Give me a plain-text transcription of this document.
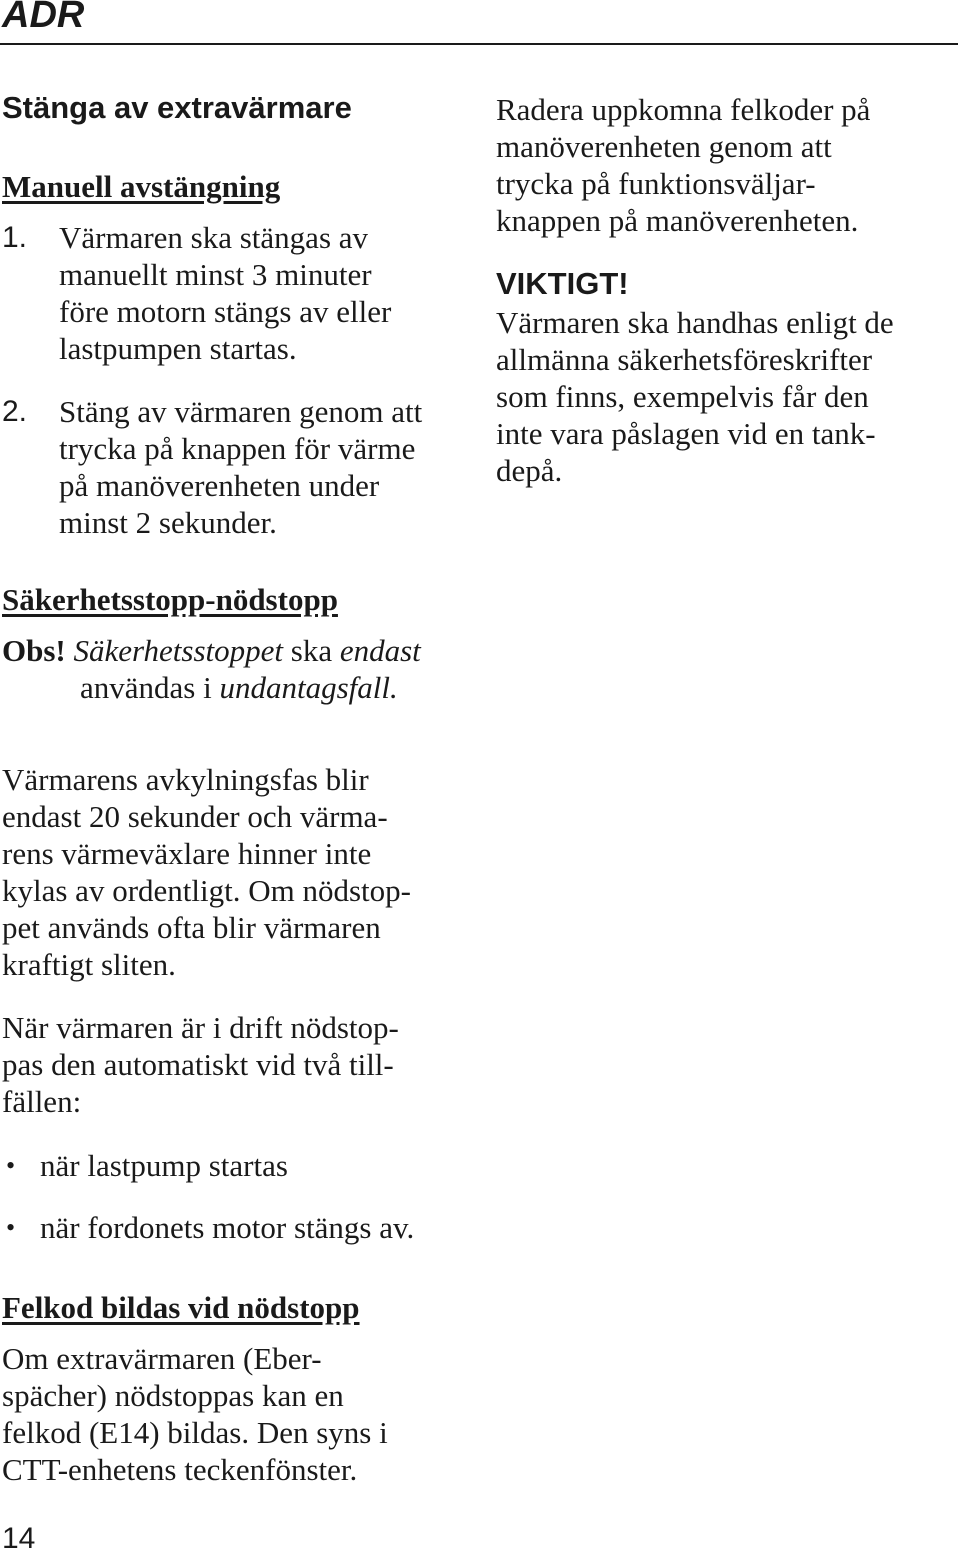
ADR
Stänga av extravärmare
Manuell avstängning
1. Värmaren ska stängas av
manuellt minst 3 minuter
före motorn stängs av eller
lastpumpen startas.
2. Stäng av värmaren genom att
trycka på knappen för värme
på manöverenheten under
minst 2 sekunder.
Säkerhetsstopp-nödstopp
Obs! Säkerhetsstoppet ska endast
användas i undantagsfall.
Värmarens avkylningsfas blir
endast 20 sekunder och värma-
rens värmeväxlare hinner inte
kylas av ordentligt. Om nödstop-
pet används ofta blir värmaren
kraftigt sliten.
När värmaren är i drift nödstop-
pas den automatiskt vid två till-
fällen:
• när lastpump startas
• när fordonets motor stängs av.
Felkod bildas vid nödstopp
Om extravärmaren (Eber-
spächer) nödstoppas kan en
felkod (E14) bildas. Den syns i
CTT-enhetens teckenfönster.
Radera uppkomna felkoder på
manöverenheten genom att
trycka på funktionsväljar-
knappen på manöverenheten.
VIKTIGT!
Värmaren ska handhas enligt de
allmänna säkerhetsföreskrifter
som finns, exempelvis får den
inte vara påslagen vid en tank-
depå.
14
